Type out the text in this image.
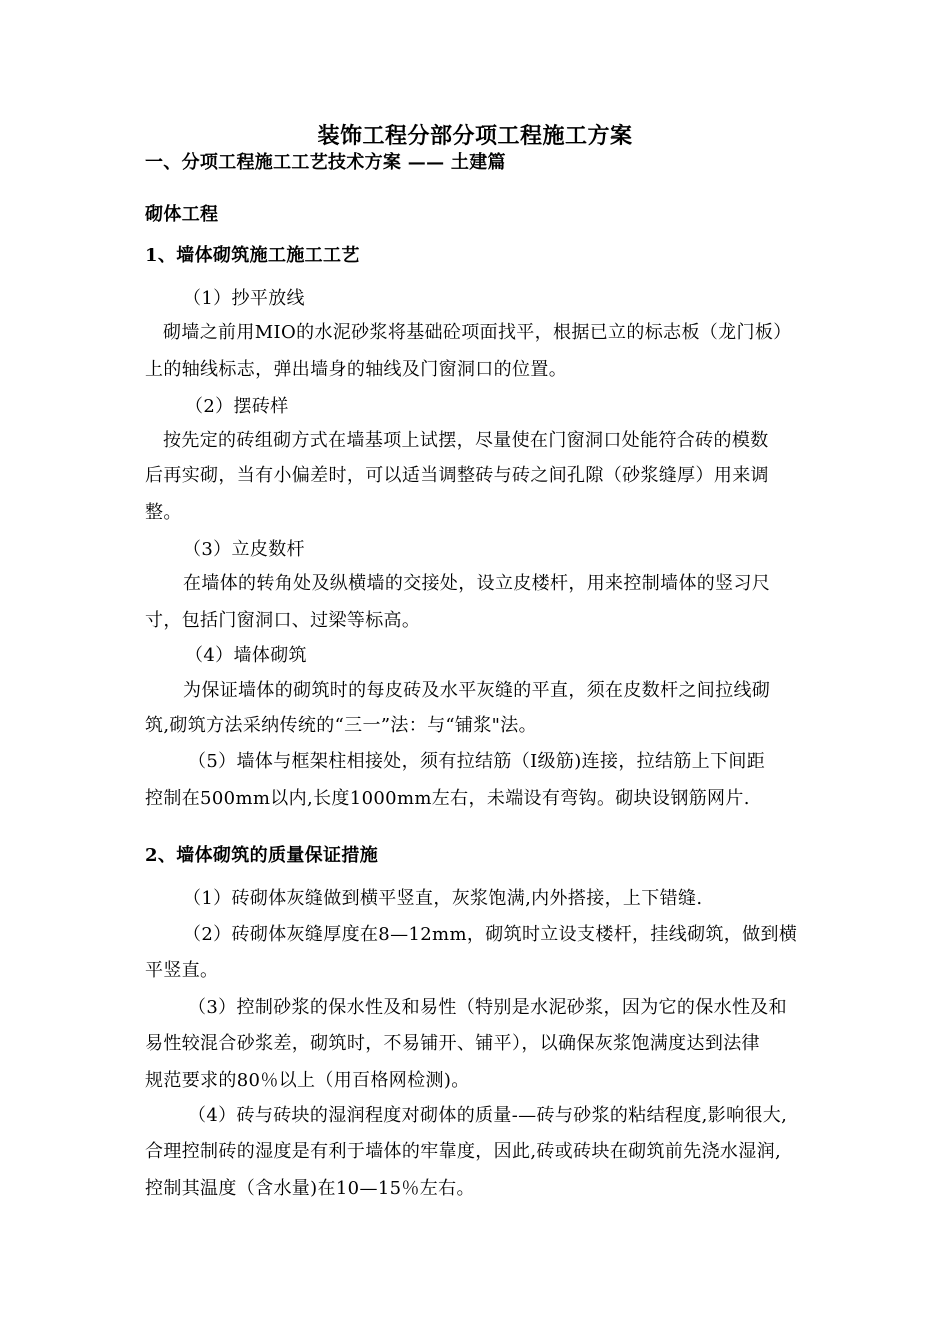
装饰工程分部分项工程施工方案
一、分项工程施工工艺技术方案 —— 土建篇
砌体工程
1、墙体砌筑施工施工工艺
（1）抄平放线
砌墙之前用MIO的水泥砂浆将基础砼项面找平，根据已立的标志板（龙门板）
上的轴线标志，弹出墙身的轴线及门窗洞口的位置。
（2）摆砖样
按先定的砖组砌方式在墙基项上试摆，尽量使在门窗洞口处能符合砖的模数
后再实砌，当有小偏差时，可以适当调整砖与砖之间孔隙（砂浆缝厚）用来调
整。
（3）立皮数杆
在墙体的转角处及纵横墙的交接处，设立皮楼杆，用来控制墙体的竖习尺
寸，包括门窗洞口、过梁等标高。
（4）墙体砌筑
为保证墙体的砌筑时的每皮砖及水平灰缝的平直，须在皮数杆之间拉线砌
筑,砌筑方法采纳传统的“三一”法：与“铺浆"法。
（5）墙体与框架柱相接处，须有拉结筋（Ⅰ级筋)连接，拉结筋上下间距
控制在500mm以内,长度1000mm左右，未端设有弯钩。砌块设钢筋网片.
2、墙体砌筑的质量保证措施
（1）砖砌体灰缝做到横平竖直，灰浆饱满,内外搭接，上下错缝.
（2）砖砌体灰缝厚度在8—12mm，砌筑时立设支楼杆，挂线砌筑，做到横
平竖直。
（3）控制砂浆的保水性及和易性（特别是水泥砂浆，因为它的保水性及和
易性较混合砂浆差，砌筑时，不易铺开、铺平），以确保灰浆饱满度达到法律
规范要求的80％以上（用百格网检测)。
（4）砖与砖块的湿润程度对砌体的质量-—砖与砂浆的粘结程度,影响很大,
合理控制砖的湿度是有利于墙体的牢靠度，因此,砖或砖块在砌筑前先浇水湿润,
控制其温度（含水量)在10—15％左右。
